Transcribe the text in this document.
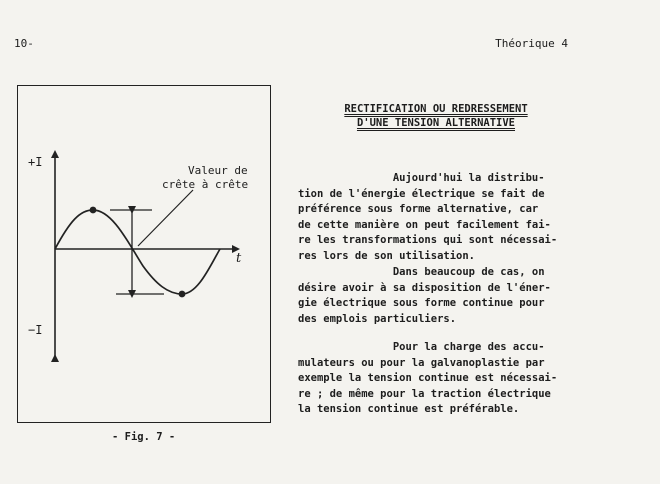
10-	Théorique 4
+I
−I
t
Valeur de
crête à crête
- Fig. 7 -
RECTIFICATION OU REDRESSEMENT
D'UNE TENSION ALTERNATIVE
Aujourd'hui la distribu-
tion de l'énergie électrique se fait de
préférence sous forme alternative, car
de cette manière on peut facilement fai-
re les transformations qui sont nécessai-
res lors de son utilisation.
Dans beaucoup de cas, on
désire avoir à sa disposition de l'éner-
gie électrique sous forme continue pour
des emplois particuliers.
Pour la charge des accu-
mulateurs ou pour la galvanoplastie par
exemple la tension continue est nécessai-
re ; de même pour la traction électrique
la tension continue est préférable.
